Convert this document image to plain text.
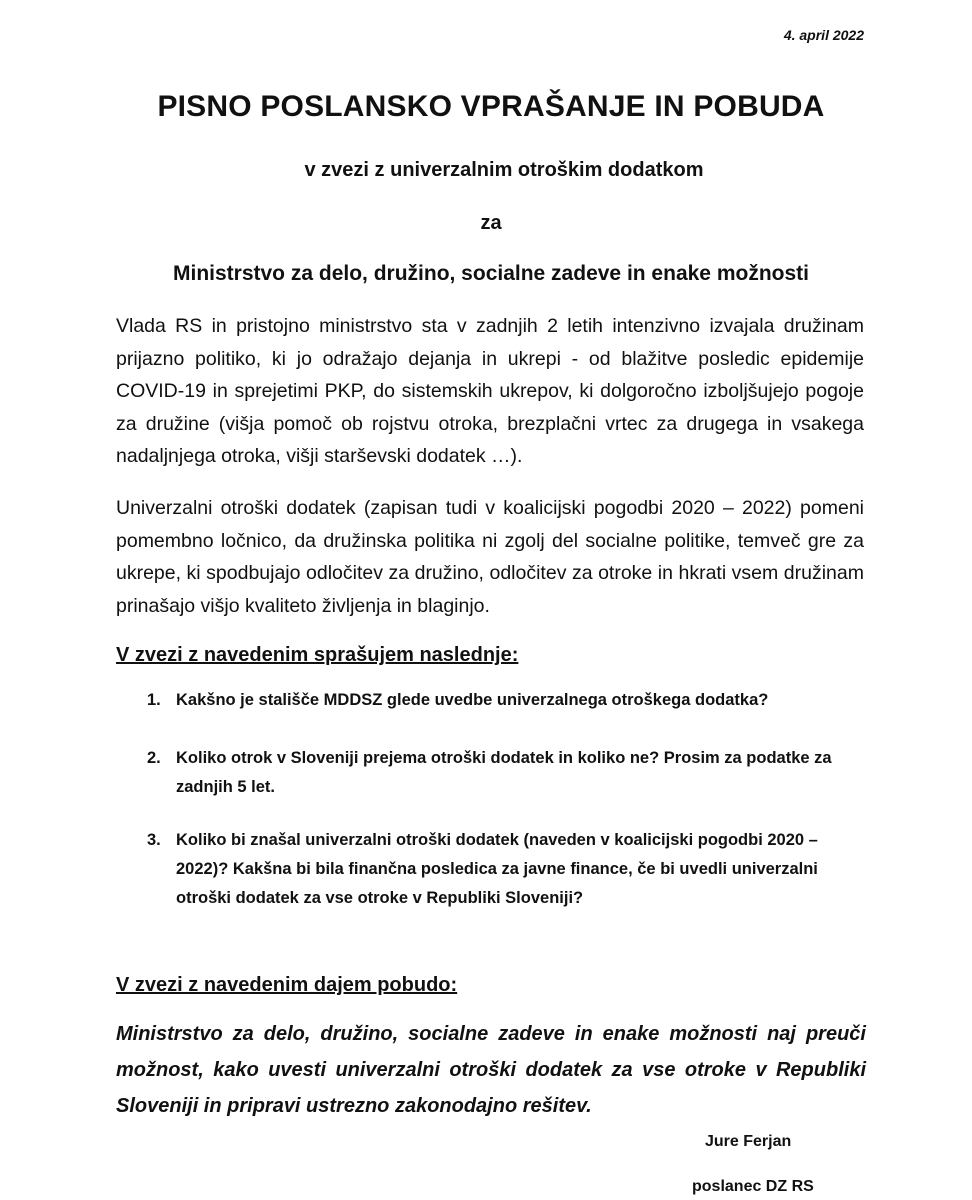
4. april 2022

PISNO POSLANSKO VPRAŠANJE IN POBUDA

v zvezi z univerzalnim otroškim dodatkom

za

Ministrstvo za delo, družino, socialne zadeve in enake možnosti

Vlada RS in pristojno ministrstvo sta v zadnjih 2 letih intenzivno izvajala družinam prijazno politiko, ki jo odražajo dejanja in ukrepi - od blažitve posledic epidemije COVID-19 in sprejetimi PKP, do sistemskih ukrepov, ki dolgoročno izboljšujejo pogoje za družine (višja pomoč ob rojstvu otroka, brezplačni vrtec za drugega in vsakega nadaljnjega otroka, višji starševski dodatek …).

Univerzalni otroški dodatek (zapisan tudi v koalicijski pogodbi 2020 – 2022) pomeni pomembno ločnico, da družinska politika ni zgolj del socialne politike, temveč gre za ukrepe, ki spodbujajo odločitev za družino, odločitev za otroke in hkrati vsem družinam prinašajo višjo kvaliteto življenja in blaginjo.

V zvezi z navedenim sprašujem naslednje:

1. Kakšno je stališče MDDSZ glede uvedbe univerzalnega otroškega dodatka?

2. Koliko otrok v Sloveniji prejema otroški dodatek in koliko ne? Prosim za podatke za zadnjih 5 let.

3. Koliko bi znašal univerzalni otroški dodatek (naveden v koalicijski pogodbi 2020 – 2022)? Kakšna bi bila finančna posledica za javne finance, če bi uvedli univerzalni otroški dodatek za vse otroke v Republiki Sloveniji?

V zvezi z navedenim dajem pobudo:

Ministrstvo za delo, družino, socialne zadeve in enake možnosti naj preuči možnost, kako uvesti univerzalni otroški dodatek za vse otroke v Republiki Sloveniji in pripravi ustrezno zakonodajno rešitev.

Jure Ferjan

poslanec DZ RS
